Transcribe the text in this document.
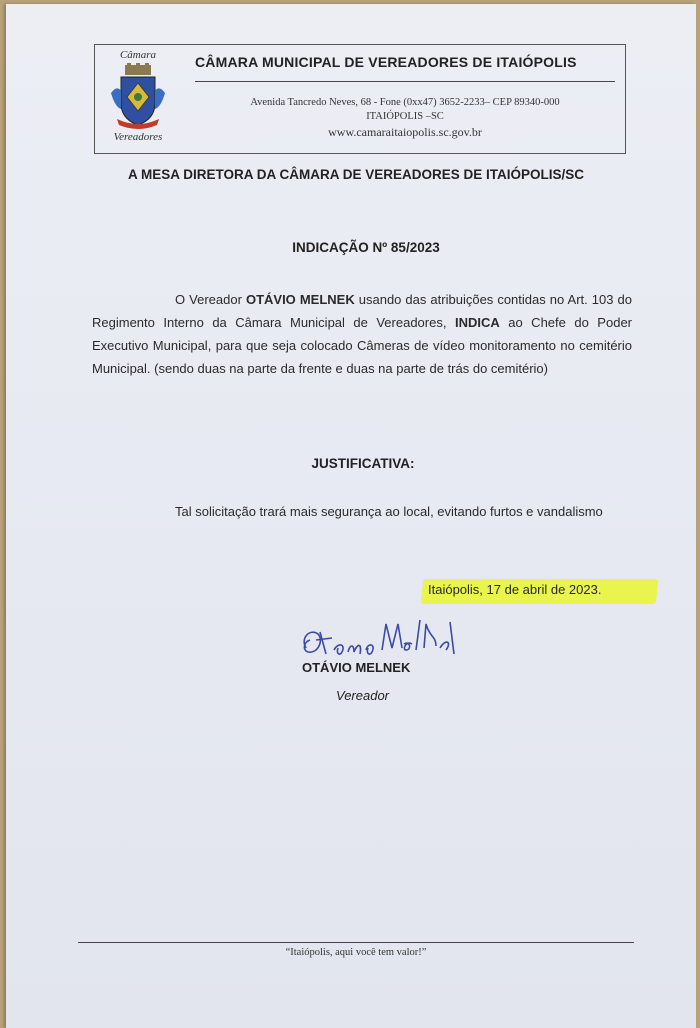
Câmara
Vereadores
CÂMARA MUNICIPAL DE VEREADORES DE ITAIÓPOLIS
Avenida Tancredo Neves, 68 - Fone (0xx47) 3652-2233– CEP 89340-000
ITAIÓPOLIS –SC
www.camaraitaiopolis.sc.gov.br
A MESA DIRETORA DA CÂMARA DE VEREADORES DE ITAIÓPOLIS/SC
INDICAÇÃO Nº 85/2023

O Vereador OTÁVIO MELNEK usando das atribuições contidas no Art. 103 do Regimento Interno da Câmara Municipal de Vereadores, INDICA ao Chefe do Poder Executivo Municipal, para que seja colocado Câmeras de vídeo monitoramento no cemitério Municipal. (sendo duas na parte da frente e duas na parte de trás do cemitério)

JUSTIFICATIVA:

Tal solicitação trará mais segurança ao local, evitando furtos e vandalismo

Itaiópolis, 17 de abril de 2023.
OTÁVIO MELNEK
Vereador
“Itaiópolis, aqui você tem valor!”
